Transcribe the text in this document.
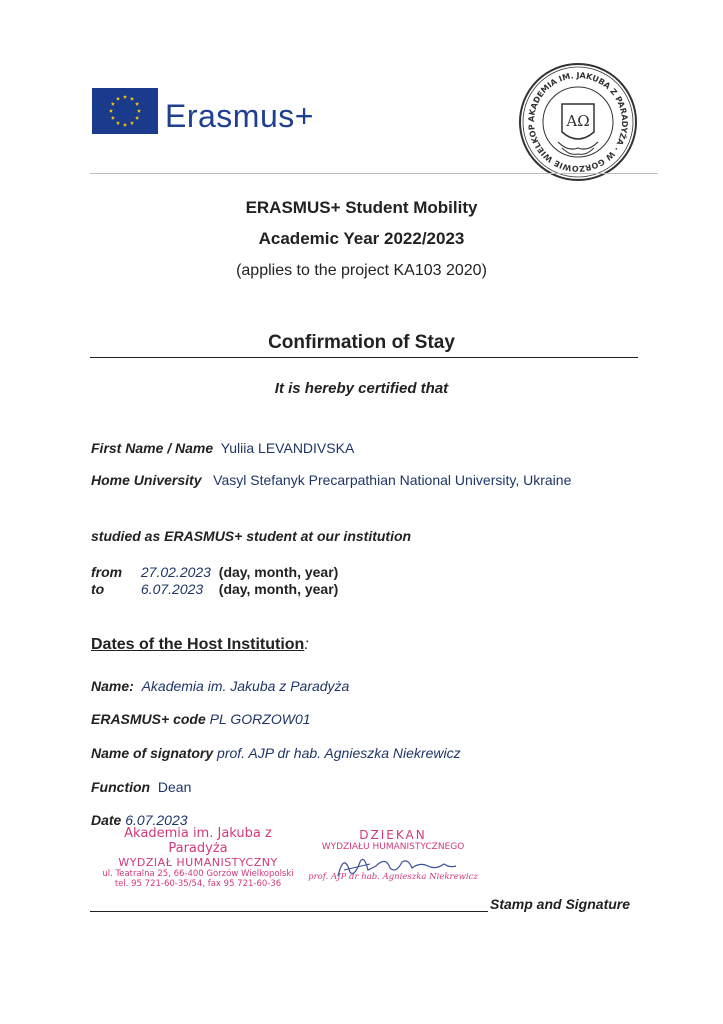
Erasmus+	AKADEMIA IM. JAKUBA Z PARADYŻA · W GORZOWIE WIELKOP	AΩ
ERASMUS+ Student Mobility
Academic Year 2022/2023
(applies to the project KA103 2020)
Confirmation of Stay
It is hereby certified that
First Name / Name Yuliia LEVANDIVSKA
Home University Vasyl Stefanyk Precarpathian National University, Ukraine
studied as ERASMUS+ student at our institution
from 27.02.2023 (day, month, year)
to	6.07.2023 (day, month, year)
Dates of the Host Institution:
Name: Akademia im. Jakuba z Paradyża
ERASMUS+ code PL GORZOW01
Name of signatory prof. AJP dr hab. Agnieszka Niekrewicz
Function Dean
Date 6.07.2023
Akademia im. Jakuba z Paradyża
WYDZIAŁ HUMANISTYCZNY
ul. Teatralna 25, 66-400 Gorzów Wielkopolski
tel. 95 721-60-35/54, fax 95 721-60-36
DZIEKAN
WYDZIAŁU HUMANISTYCZNEGO
prof. AJP dr hab. Agnieszka Niekrewicz
Stamp and Signature
